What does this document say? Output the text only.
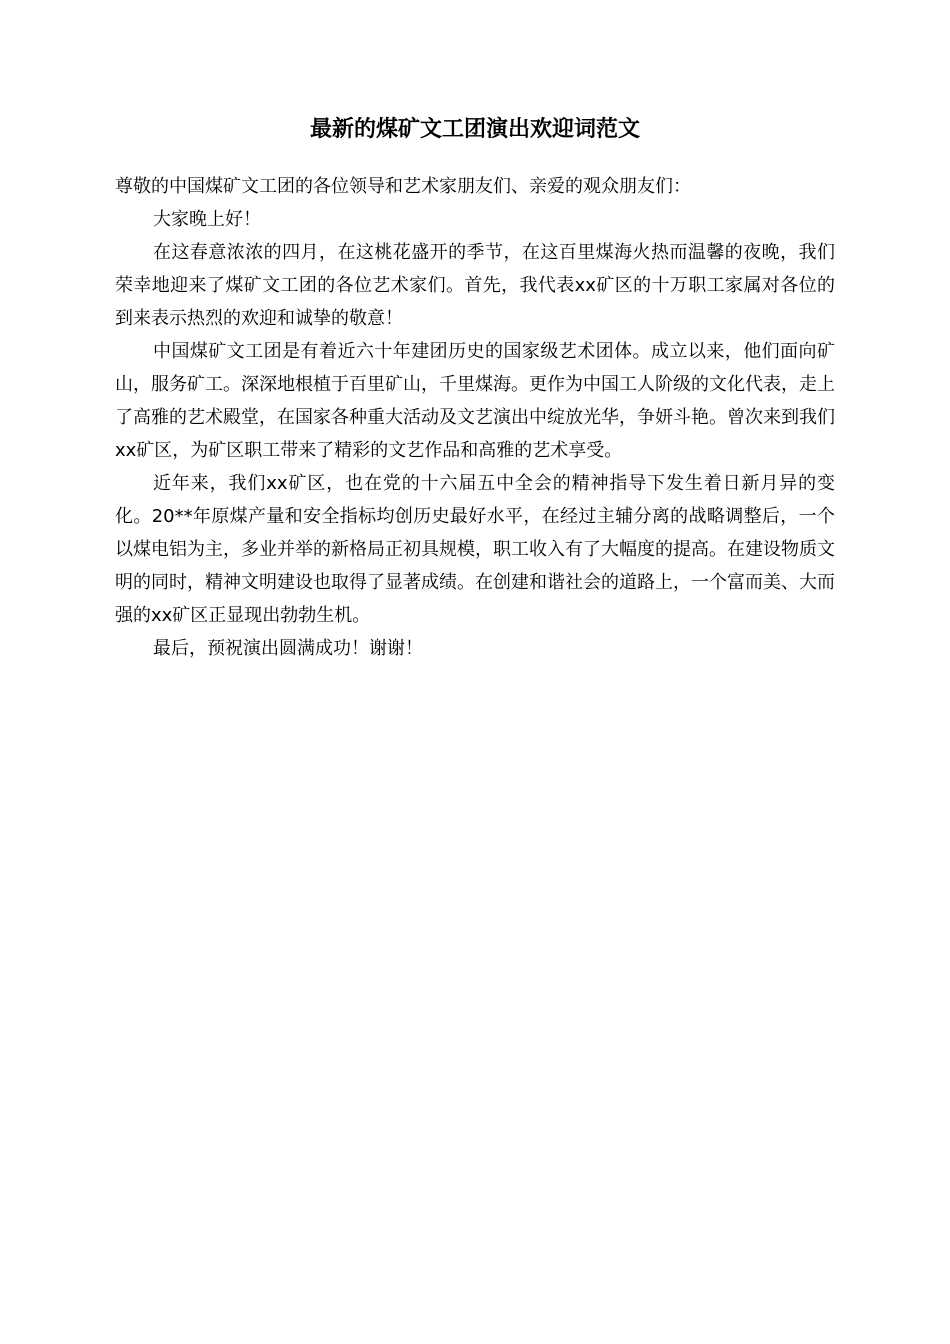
最新的煤矿文工团演出欢迎词范文

尊敬的中国煤矿文工团的各位领导和艺术家朋友们、亲爱的观众朋友们：

大家晚上好！

在这春意浓浓的四月，在这桃花盛开的季节，在这百里煤海火热而温馨的夜晚，我们荣幸地迎来了煤矿文工团的各位艺术家们。首先，我代表xx矿区的十万职工家属对各位的到来表示热烈的欢迎和诚挚的敬意！

中国煤矿文工团是有着近六十年建团历史的国家级艺术团体。成立以来，他们面向矿山，服务矿工。深深地根植于百里矿山，千里煤海。更作为中国工人阶级的文化代表，走上了高雅的艺术殿堂，在国家各种重大活动及文艺演出中绽放光华，争妍斗艳。曾次来到我们xx矿区，为矿区职工带来了精彩的文艺作品和高雅的艺术享受。

近年来，我们xx矿区，也在党的十六届五中全会的精神指导下发生着日新月异的变化。20**年原煤产量和安全指标均创历史最好水平，在经过主辅分离的战略调整后，一个以煤电铝为主，多业并举的新格局正初具规模，职工收入有了大幅度的提高。在建设物质文明的同时，精神文明建设也取得了显著成绩。在创建和谐社会的道路上，一个富而美、大而强的xx矿区正显现出勃勃生机。

最后，预祝演出圆满成功！谢谢！
